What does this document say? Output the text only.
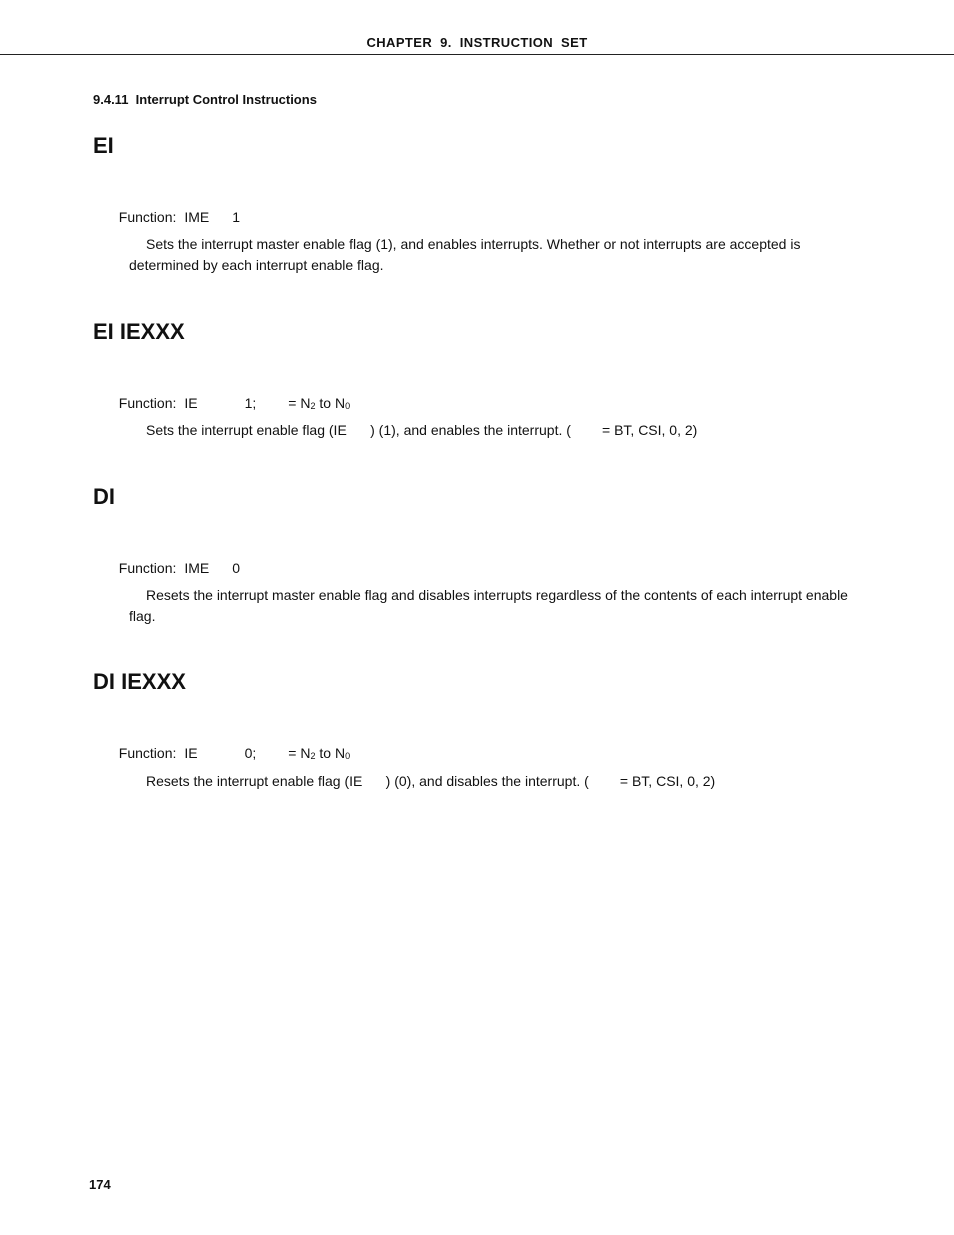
CHAPTER  9.  INSTRUCTION  SET
9.4.11  Interrupt Control Instructions
EI

Function: IME 1

Sets the interrupt master enable flag (1), and enables interrupts. Whether or not interrupts are accepted is determined by each interrupt enable flag.
EI IEXXX

Function: IE	1; = $N_2$ to $N_0$

Sets the interrupt enable flag (IE      ) (1), and enables the interrupt. (        = BT, CSI, 0, 2)
DI

Function: IME 0

Resets the interrupt master enable flag and disables interrupts regardless of the contents of each interrupt enable flag.
DI IEXXX

Function: IE	0; = $N_2$ to $N_0$

Resets the interrupt enable flag (IE      ) (0), and disables the interrupt. (        = BT, CSI, 0, 2)
174
